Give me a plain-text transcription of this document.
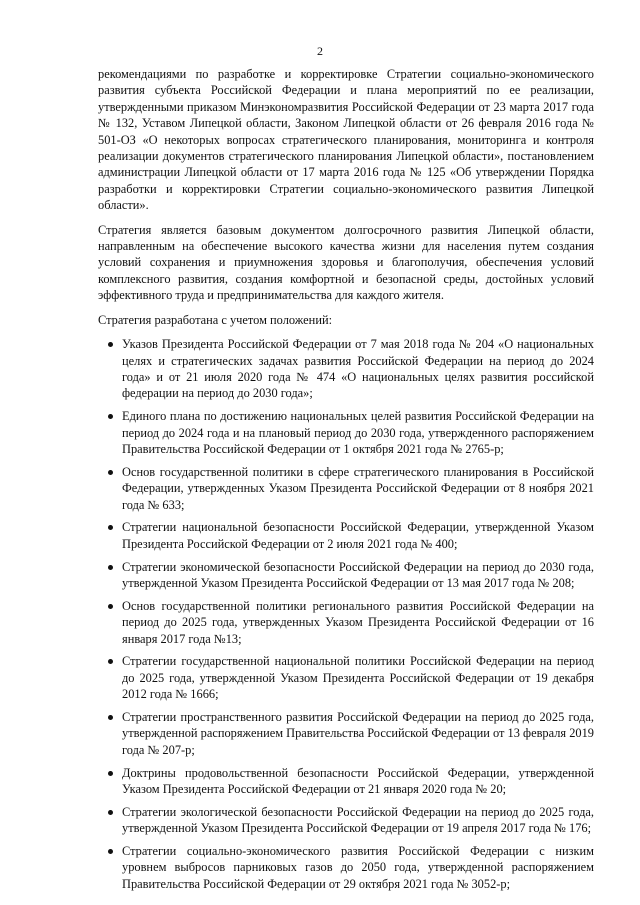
2

рекомендациями по разработке и корректировке Стратегии социально-экономического развития субъекта Российской Федерации и плана мероприятий по ее реализации, утвержденными приказом Минэкономразвития Российской Федерации от 23 марта 2017 года № 132, Уставом Липецкой области, Законом Липецкой области от 26 февраля 2016 года № 501-ОЗ «О некоторых вопросах стратегического планирования, мониторинга и контроля реализации документов стратегического планирования Липецкой области», постановлением администрации Липецкой области от 17 марта 2016 года № 125 «Об утверждении Порядка разработки и корректировки Стратегии социально-экономического развития Липецкой области».

Стратегия является базовым документом долгосрочного развития Липецкой области, направленным на обеспечение высокого качества жизни для населения путем создания условий сохранения и приумножения здоровья и благополучия, обеспечения условий комплексного развития, создания комфортной и безопасной среды, достойных условий эффективного труда и предпринимательства для каждого жителя.

Стратегия разработана с учетом положений:

Указов Президента Российской Федерации от 7 мая 2018 года № 204 «О национальных целях и стратегических задачах развития Российской Федерации на период до 2024 года» и от 21 июля 2020 года № 474 «О национальных целях развития российской федерации на период до 2030 года»;
Единого плана по достижению национальных целей развития Российской Федерации на период до 2024 года и на плановый период до 2030 года, утвержденного распоряжением Правительства Российской Федерации от 1 октября 2021 года № 2765-р;
Основ государственной политики в сфере стратегического планирования в Российской Федерации, утвержденных Указом Президента Российской Федерации от 8 ноября 2021 года № 633;
Стратегии национальной безопасности Российской Федерации, утвержденной Указом Президента Российской Федерации от 2 июля 2021 года № 400;
Стратегии экономической безопасности Российской Федерации на период до 2030 года, утвержденной Указом Президента Российской Федерации от 13 мая 2017 года № 208;
Основ государственной политики регионального развития Российской Федерации на период до 2025 года, утвержденных Указом Президента Российской Федерации от 16 января 2017 года №13;
Стратегии государственной национальной политики Российской Федерации на период до 2025 года, утвержденной Указом Президента Российской Федерации от 19 декабря 2012 года № 1666;
Стратегии пространственного развития Российской Федерации на период до 2025 года, утвержденной распоряжением Правительства Российской Федерации от 13 февраля 2019 года № 207-р;
Доктрины продовольственной безопасности Российской Федерации, утвержденной Указом Президента Российской Федерации от 21 января 2020 года № 20;
Стратегии экологической безопасности Российской Федерации на период до 2025 года, утвержденной Указом Президента Российской Федерации от 19 апреля 2017 года № 176;
Стратегии социально-экономического развития Российской Федерации с низким уровнем выбросов парниковых газов до 2050 года, утвержденной распоряжением Правительства Российской Федерации от 29 октября 2021 года № 3052-р;
